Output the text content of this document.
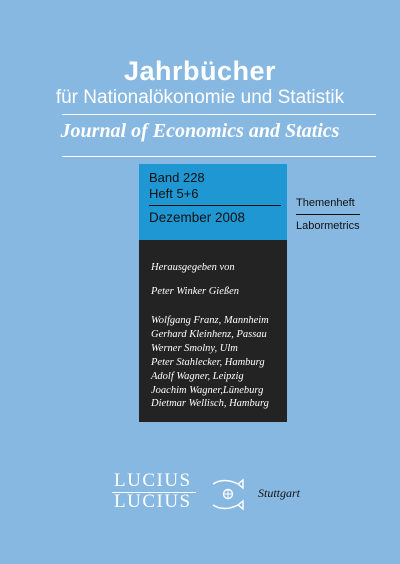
Jahrbücher
für Nationalökonomie und Statistik
Journal of Economics and Statics
Band 228
Heft 5+6
Dezember 2008
Themenheft
Labormetrics
Herausgegeben von
Peter Winker Gießen
Wolfgang Franz, Mannheim
Gerhard Kleinhenz, Passau
Werner Smolny, Ulm
Peter Stahlecker, Hamburg
Adolf Wagner, Leipzig
Joachim Wagner,Lüneburg
Dietmar Wellisch, Hamburg
LUCIUS
LUCIUS	Stuttgart
